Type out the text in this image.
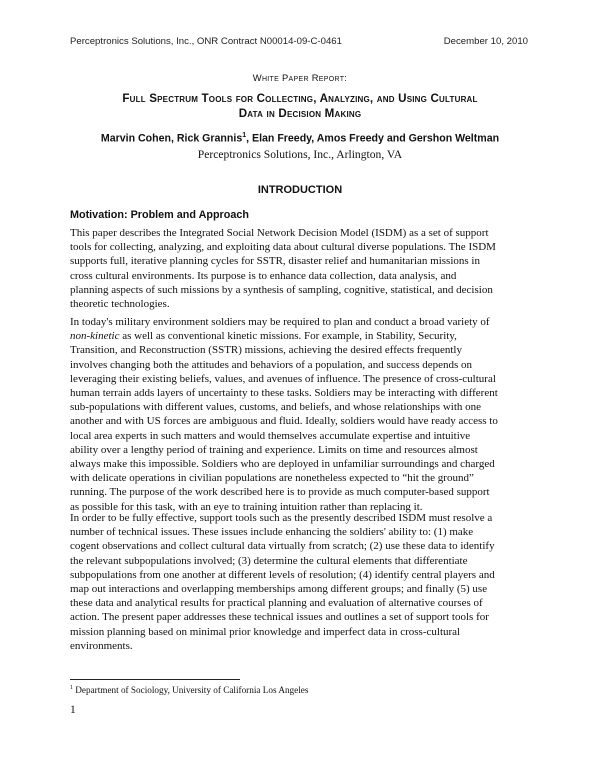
Perceptronics Solutions, Inc., ONR Contract N00014-09-C-0461	December 10, 2010
White Paper Report:
Full Spectrum Tools for Collecting, Analyzing, and Using Cultural
Data in Decision Making
Marvin Cohen, Rick Grannis$^1$, Elan Freedy, Amos Freedy and Gershon Weltman
Perceptronics Solutions, Inc., Arlington, VA
INTRODUCTION
Motivation: Problem and Approach

This paper describes the Integrated Social Network Decision Model (ISDM) as a set of support
tools for collecting, analyzing, and exploiting data about cultural diverse populations. The ISDM
supports full, iterative planning cycles for SSTR, disaster relief and humanitarian missions in
cross cultural environments. Its purpose is to enhance data collection, data analysis, and
planning aspects of such missions by a synthesis of sampling, cognitive, statistical, and decision
theoretic technologies.

In today's military environment soldiers may be required to plan and conduct a broad variety of
non-kinetic as well as conventional kinetic missions. For example, in Stability, Security,
Transition, and Reconstruction (SSTR) missions, achieving the desired effects frequently
involves changing both the attitudes and behaviors of a population, and success depends on
leveraging their existing beliefs, values, and avenues of influence. The presence of cross-cultural
human terrain adds layers of uncertainty to these tasks. Soldiers may be interacting with different
sub-populations with different values, customs, and beliefs, and whose relationships with one
another and with US forces are ambiguous and fluid. Ideally, soldiers would have ready access to
local area experts in such matters and would themselves accumulate expertise and intuitive
ability over a lengthy period of training and experience. Limits on time and resources almost
always make this impossible. Soldiers who are deployed in unfamiliar surroundings and charged
with delicate operations in civilian populations are nonetheless expected to “hit the ground”
running. The purpose of the work described here is to provide as much computer-based support
as possible for this task, with an eye to training intuition rather than replacing it.

In order to be fully effective, support tools such as the presently described ISDM must resolve a
number of technical issues. These issues include enhancing the soldiers' ability to: (1) make
cogent observations and collect cultural data virtually from scratch; (2) use these data to identify
the relevant subpopulations involved; (3) determine the cultural elements that differentiate
subpopulations from one another at different levels of resolution; (4) identify central players and
map out interactions and overlapping memberships among different groups; and finally (5) use
these data and analytical results for practical planning and evaluation of alternative courses of
action. The present paper addresses these technical issues and outlines a set of support tools for
mission planning based on minimal prior knowledge and imperfect data in cross-cultural
environments.

$^1$ Department of Sociology, University of California Los Angeles
1
